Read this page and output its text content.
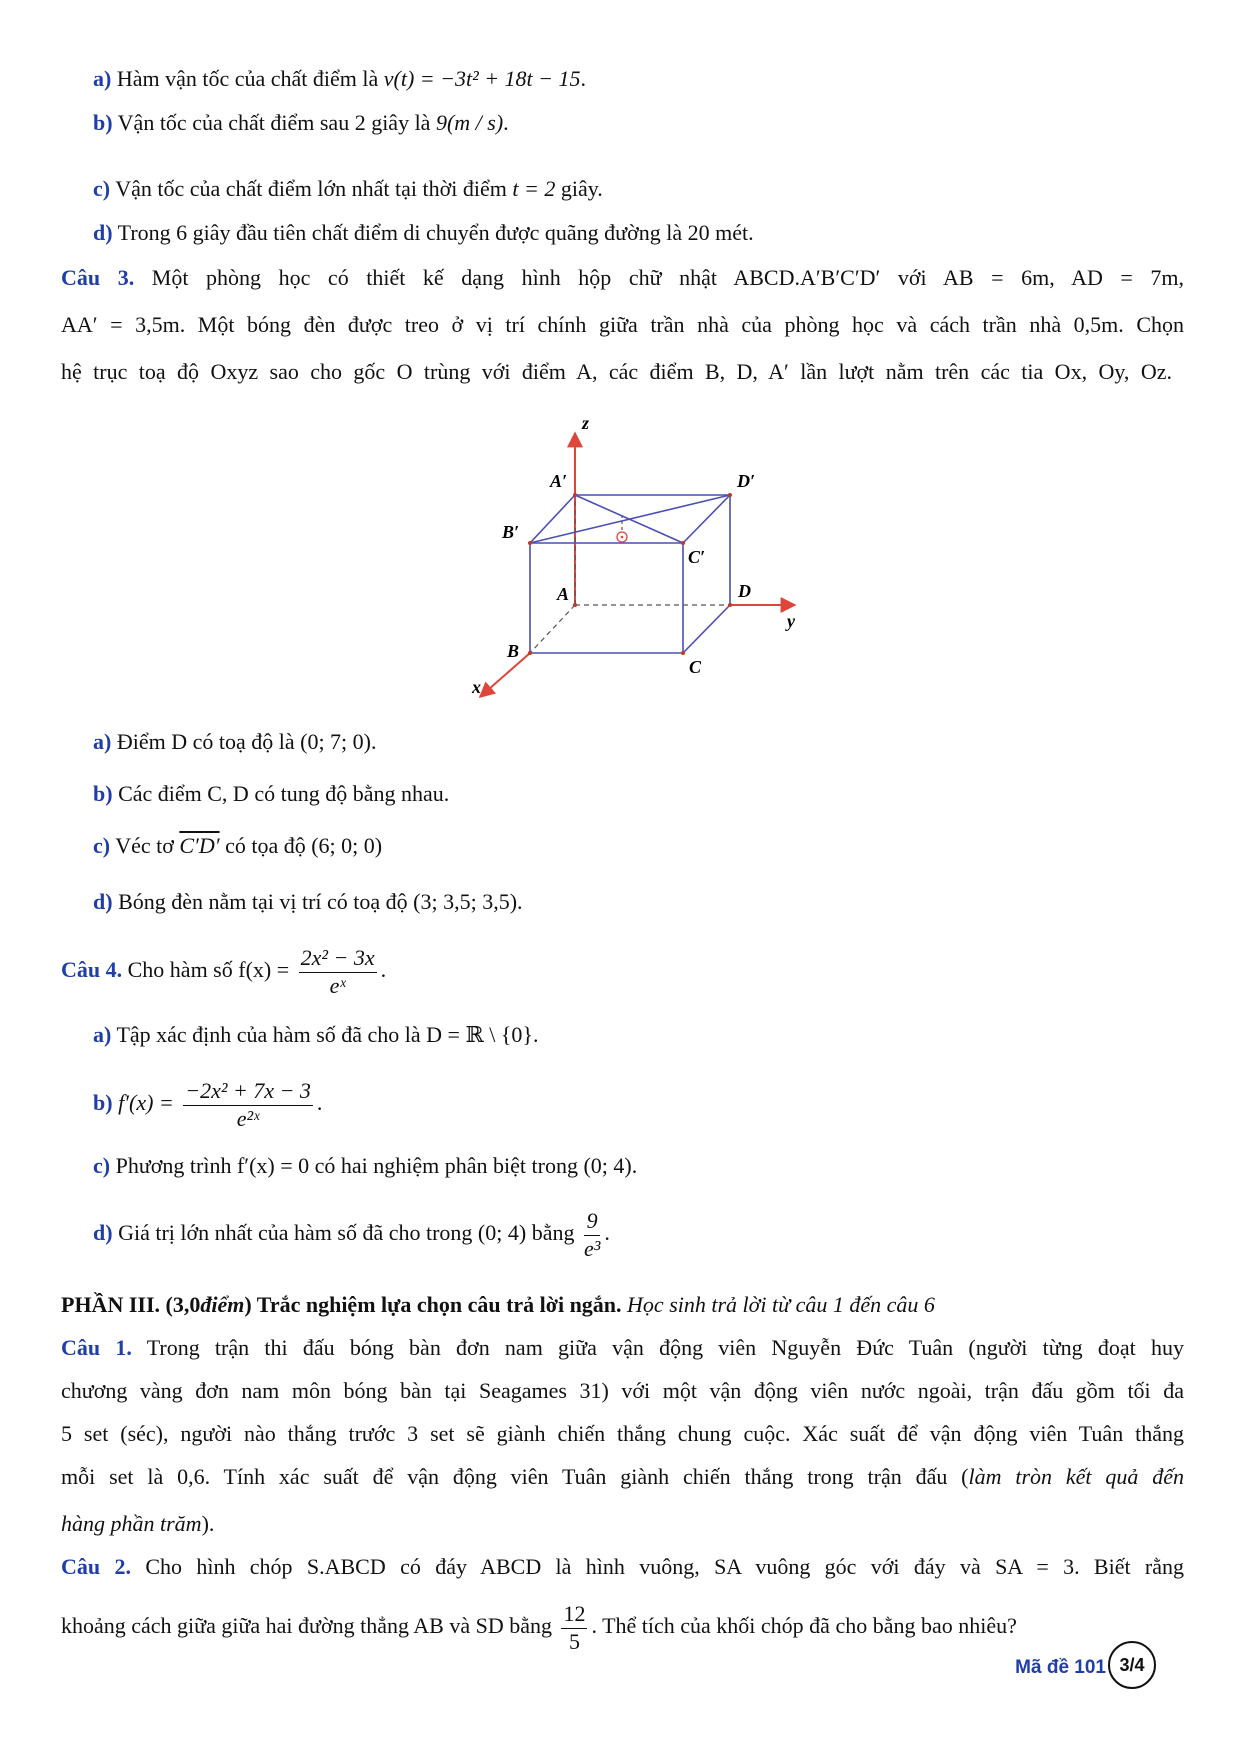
a) Hàm vận tốc của chất điểm là v(t) = −3t² + 18t − 15.
b) Vận tốc của chất điểm sau 2 giây là 9(m / s).
c) Vận tốc của chất điểm lớn nhất tại thời điểm t = 2 giây.
d) Trong 6 giây đầu tiên chất điểm di chuyển được quãng đường là 20 mét.
Câu 3. Một phòng học có thiết kế dạng hình hộp chữ nhật ABCD.A′B′C′D′ với AB = 6m, AD = 7m,
AA′ = 3,5m. Một bóng đèn được treo ở vị trí chính giữa trần nhà của phòng học và cách trần nhà 0,5m. Chọn
hệ trục toạ độ Oxyz sao cho gốc O trùng với điểm A, các điểm B, D, A′ lần lượt nằm trên các tia Ox, Oy, Oz.
z
A′	D′
B′
C′
A	D
y
B
C
x
a) Điểm D có toạ độ là (0; 7; 0).
b) Các điểm C, D có tung độ bằng nhau.
c) Véc tơ C′D′ có tọa độ (6; 0; 0)
d) Bóng đèn nằm tại vị trí có toạ độ (3; 3,5; 3,5).
Câu 4. Cho hàm số $f(x) = \frac{\text{2x² − 3x}}{\text{eˣ}}$ .
a) Tập xác định của hàm số đã cho là D = ℝ \ {0}.
b) $f'(x) = \frac{\text{−2x² + 7x − 3}}{\text{e²ˣ}}$ .
c) Phương trình f′(x) = 0 có hai nghiệm phân biệt trong (0; 4).
d) Giá trị lớn nhất của hàm số đã cho trong (0; 4) bằng $\frac{9}{\text{e³}}$ .
PHẦN III. (3,0điểm) Trắc nghiệm lựa chọn câu trả lời ngắn. Học sinh trả lời từ câu 1 đến câu 6
Câu 1. Trong trận thi đấu bóng bàn đơn nam giữa vận động viên Nguyễn Đức Tuân (người từng đoạt huy
chương vàng đơn nam môn bóng bàn tại Seagames 31) với một vận động viên nước ngoài, trận đấu gồm tối đa
5 set (séc), người nào thắng trước 3 set sẽ giành chiến thắng chung cuộc. Xác suất để vận động viên Tuân thắng
mỗi set là 0,6. Tính xác suất để vận động viên Tuân giành chiến thắng trong trận đấu (làm tròn kết quả đến
hàng phần trăm).
Câu 2. Cho hình chóp S.ABCD có đáy ABCD là hình vuông, SA vuông góc với đáy và SA = 3. Biết rằng
khoảng cách giữa giữa hai đường thẳng AB và SD bằng $\frac{12}{5}$ . Thể tích của khối chóp đã cho bằng bao nhiêu?
Mã đề 101 3/4
